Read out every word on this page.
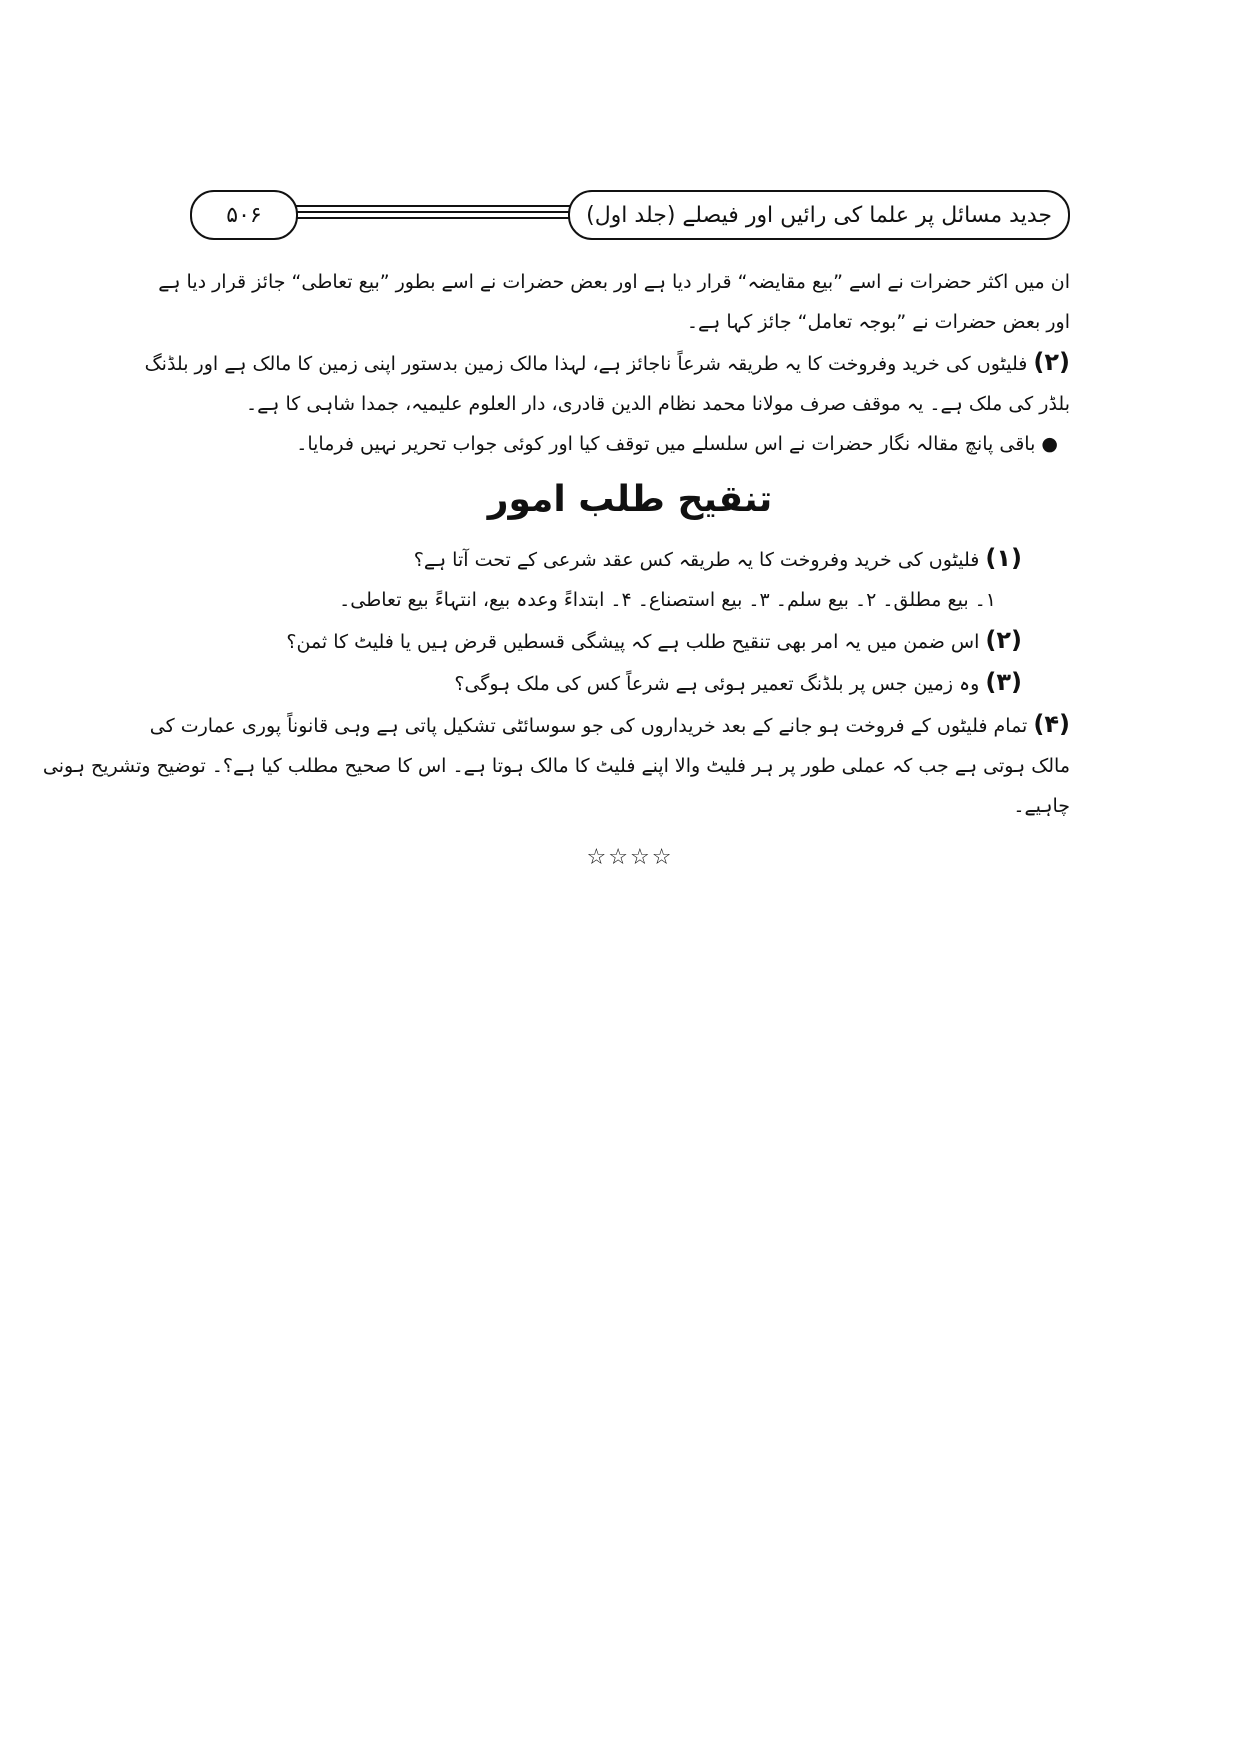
۵۰۶	جدید مسائل پر علما کی رائیں اور فیصلے (جلد اول)
ان میں اکثر حضرات نے اسے ”بیع مقایضہ“ قرار دیا ہے اور بعض حضرات نے اسے بطور ”بیع تعاطی“ جائز قرار دیا ہے
اور بعض حضرات نے ”بوجہ تعامل“ جائز کہا ہے۔
(۲) فلیٹوں کی خرید وفروخت کا یہ طریقہ شرعاً ناجائز ہے، لہذا مالک زمین بدستور اپنی زمین کا مالک ہے اور بلڈنگ
بلڈر کی ملک ہے۔ یہ موقف صرف مولانا محمد نظام الدین قادری، دار العلوم علیمیہ، جمدا شاہی کا ہے۔
● باقی پانچ مقالہ نگار حضرات نے اس سلسلے میں توقف کیا اور کوئی جواب تحریر نہیں فرمایا۔
تنقیح طلب امور
(۱) فلیٹوں کی خرید وفروخت کا یہ طریقہ کس عقد شرعی کے تحت آتا ہے؟
۱۔ بیع مطلق۔ ۲۔ بیع سلم۔ ۳۔ بیع استصناع۔ ۴۔ ابتداءً وعدہ بیع، انتہاءً بیع تعاطی۔
(۲) اس ضمن میں یہ امر بھی تنقیح طلب ہے کہ پیشگی قسطیں قرض ہیں یا فلیٹ کا ثمن؟
(۳) وہ زمین جس پر بلڈنگ تعمیر ہوئی ہے شرعاً کس کی ملک ہوگی؟
(۴) تمام فلیٹوں کے فروخت ہو جانے کے بعد خریداروں کی جو سوسائٹی تشکیل پاتی ہے وہی قانوناً پوری عمارت کی
مالک ہوتی ہے جب کہ عملی طور پر ہر فلیٹ والا اپنے فلیٹ کا مالک ہوتا ہے۔ اس کا صحیح مطلب کیا ہے؟۔ توضیح وتشریح ہونی
چاہیے۔
☆☆☆☆
